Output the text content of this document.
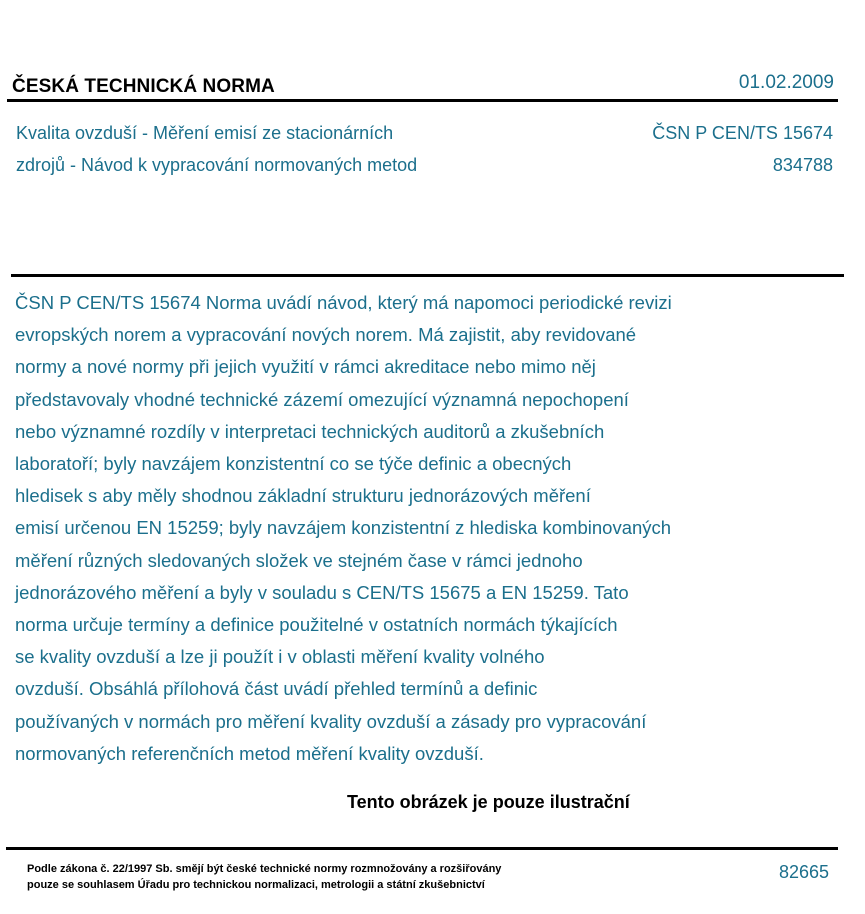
ČESKÁ TECHNICKÁ NORMA	01.02.2009
Kvalita ovzduší - Měření emisí ze stacionárních
zdrojů - Návod k vypracování normovaných metod
ČSN P CEN/TS 15674
834788
ČSN P CEN/TS 15674 Norma uvádí návod, který má napomoci periodické revizi
evropských norem a vypracování nových norem. Má zajistit, aby revidované
normy a nové normy při jejich využití v rámci akreditace nebo mimo něj
představovaly vhodné technické zázemí omezující významná nepochopení
nebo významné rozdíly v interpretaci technických auditorů a zkušebních
laboratoří; byly navzájem konzistentní co se týče definic a obecných
hledisek s aby měly shodnou základní strukturu jednorázových měření
emisí určenou EN 15259; byly navzájem konzistentní z hlediska kombinovaných
měření různých sledovaných složek ve stejném čase v rámci jednoho
jednorázového měření a byly v souladu s CEN/TS 15675 a EN 15259. Tato
norma určuje termíny a definice použitelné v ostatních normách týkajících
se kvality ovzduší a lze ji použít i v oblasti měření kvality volného
ovzduší. Obsáhlá přílohová část uvádí přehled termínů a definic
používaných v normách pro měření kvality ovzduší a zásady pro vypracování
normovaných referenčních metod měření kvality ovzduší.
Tento obrázek je pouze ilustrační
Podle zákona č. 22/1997 Sb. smějí být české technické normy rozmnožovány a rozšiřovány
pouze se souhlasem Úřadu pro technickou normalizaci, metrologii a státní zkušebnictví
82665
